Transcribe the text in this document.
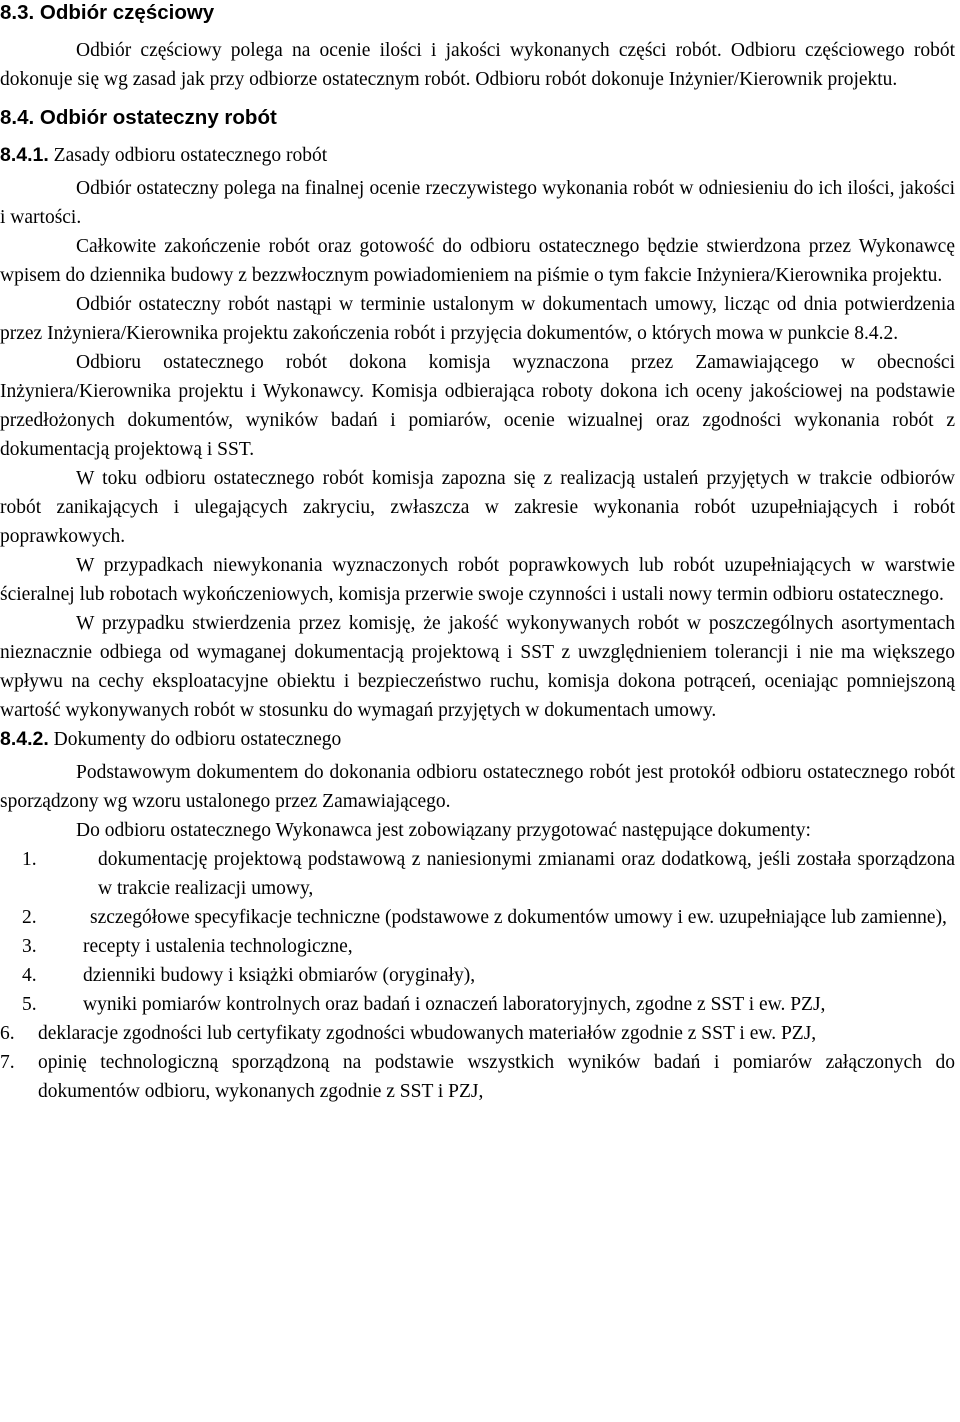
8.3. Odbiór częściowy
Odbiór częściowy polega na ocenie ilości i jakości wykonanych części robót. Odbioru częściowego robót dokonuje się wg zasad jak przy odbiorze ostatecznym robót. Odbioru robót dokonuje Inżynier/Kierownik projektu.
8.4. Odbiór ostateczny robót
8.4.1. Zasady odbioru ostatecznego robót
Odbiór ostateczny polega na finalnej ocenie rzeczywistego wykonania robót w odniesieniu do ich ilości, jakości i wartości.
Całkowite zakończenie robót oraz gotowość do odbioru ostatecznego będzie stwierdzona przez Wykonawcę wpisem do dziennika budowy z bezzwłocznym powiadomieniem na piśmie o tym fakcie Inżyniera/Kierownika projektu.
Odbiór ostateczny robót nastąpi w terminie ustalonym w dokumentach umowy, licząc od dnia potwierdzenia przez Inżyniera/Kierownika projektu zakończenia robót i przyjęcia dokumentów, o których mowa w punkcie 8.4.2.
Odbioru ostatecznego robót dokona komisja wyznaczona przez Zamawiającego w obecności Inżyniera/Kierownika projektu i Wykonawcy. Komisja odbierająca roboty dokona ich oceny jakościowej na podstawie przedłożonych dokumentów, wyników badań i pomiarów, ocenie wizualnej oraz zgodności wykonania robót z dokumentacją projektową i SST.
W toku odbioru ostatecznego robót komisja zapozna się z realizacją ustaleń przyjętych w trakcie odbiorów robót zanikających i ulegających zakryciu, zwłaszcza w zakresie wykonania robót uzupełniających i robót poprawkowych.
W przypadkach niewykonania wyznaczonych robót poprawkowych lub robót uzupełniających w warstwie ścieralnej lub robotach wykończeniowych, komisja przerwie swoje czynności i ustali nowy termin odbioru ostatecznego.
W przypadku stwierdzenia przez komisję, że jakość wykonywanych robót w poszczególnych asortymentach nieznacznie odbiega od wymaganej dokumentacją projektową i SST z uwzględnieniem tolerancji i nie ma większego wpływu na cechy eksploatacyjne obiektu i bezpieczeństwo ruchu, komisja dokona potrąceń, oceniając pomniejszoną wartość wykonywanych robót w stosunku do wymagań przyjętych w dokumentach umowy.
8.4.2. Dokumenty do odbioru ostatecznego
Podstawowym dokumentem do dokonania odbioru ostatecznego robót jest protokół odbioru ostatecznego robót sporządzony wg wzoru ustalonego przez Zamawiającego.
Do odbioru ostatecznego Wykonawca jest zobowiązany przygotować następujące dokumenty:
1.	dokumentację projektową podstawową z naniesionymi zmianami oraz dodatkową, jeśli została sporządzona w trakcie realizacji umowy,
2.	szczegółowe specyfikacje techniczne (podstawowe z dokumentów umowy i ew. uzupełniające lub zamienne),
3.	recepty i ustalenia technologiczne,
4.	dzienniki budowy i książki obmiarów (oryginały),
5.	wyniki pomiarów kontrolnych oraz badań i oznaczeń laboratoryjnych, zgodne z SST i ew. PZJ,
6.	deklaracje zgodności lub certyfikaty zgodności wbudowanych materiałów zgodnie z SST i ew. PZJ,
7.	opinię technologiczną sporządzoną na podstawie wszystkich wyników badań i pomiarów załączonych do dokumentów odbioru, wykonanych zgodnie z SST i PZJ,
